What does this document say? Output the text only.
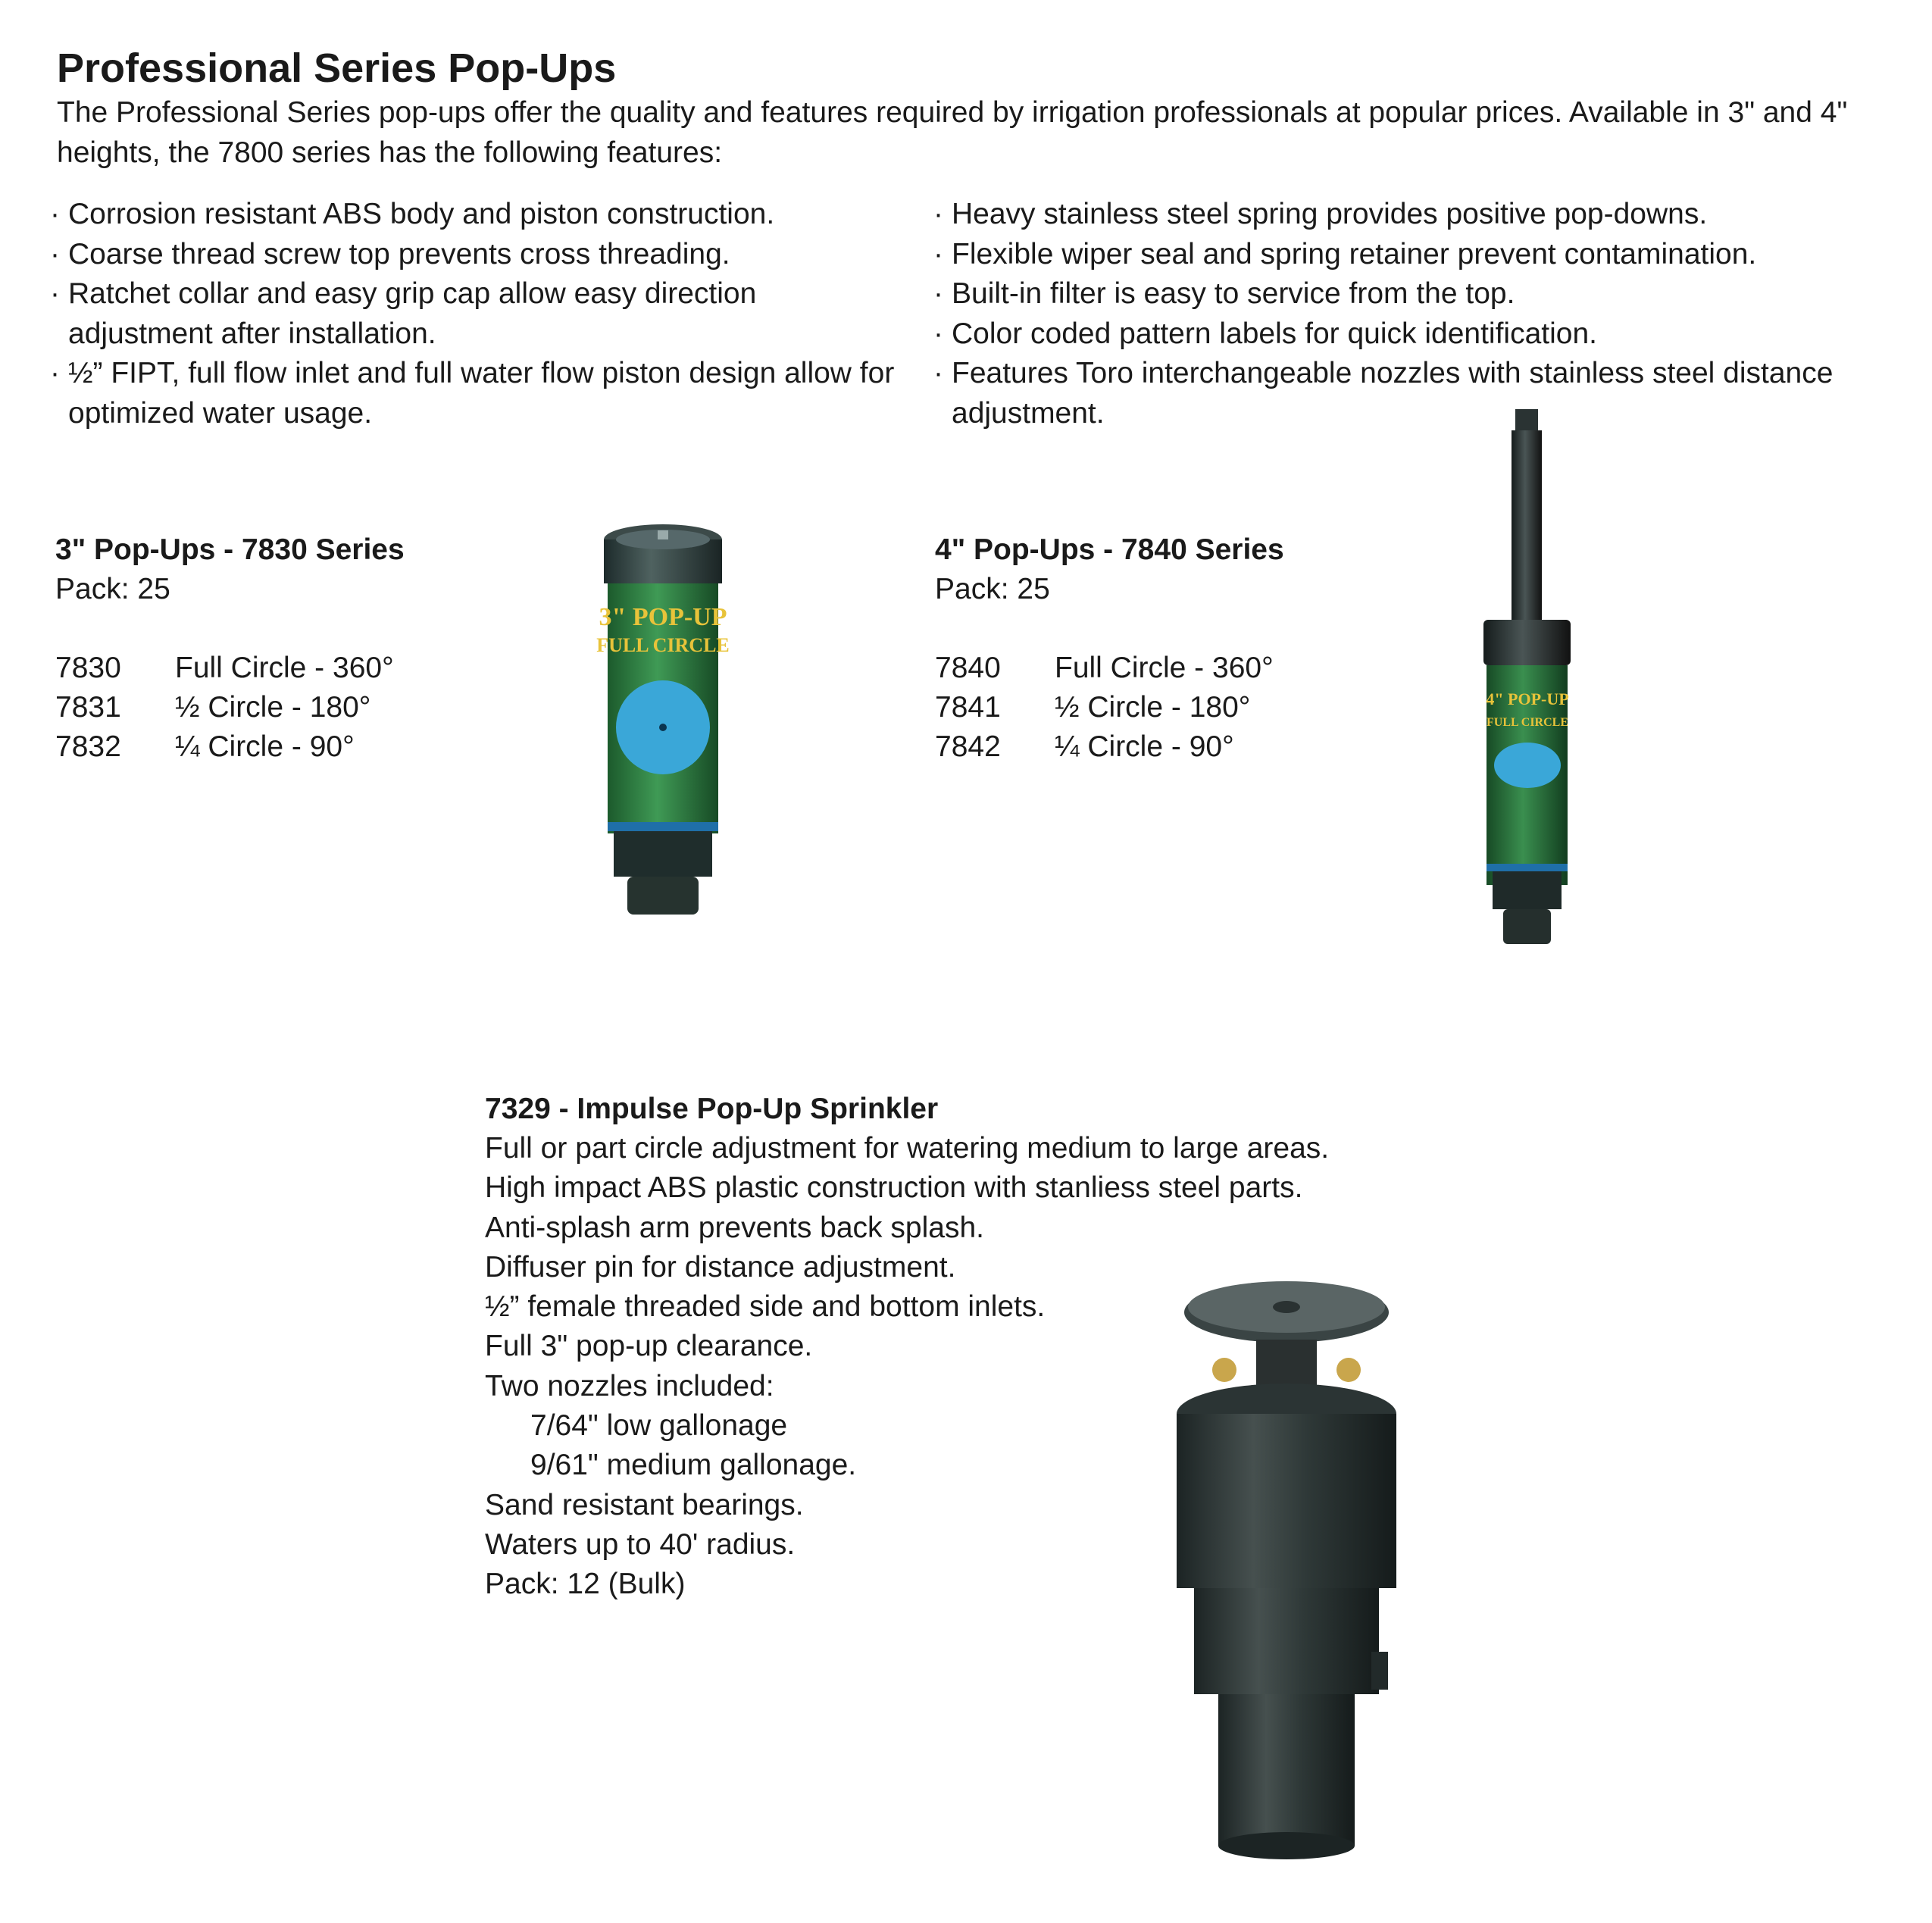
Professional Series Pop-Ups

The Professional Series pop-ups offer the quality and features required by irrigation professionals at popular prices. Available in 3" and 4" heights, the 7800 series has the following features:

· Corrosion resistant ABS body and piston construction.
· Coarse thread screw top prevents cross threading.
· Ratchet collar and easy grip cap allow easy direction adjustment after installation.
· ½” FIPT, full flow inlet and full water flow piston design allow for optimized water usage.
· Heavy stainless steel spring provides positive pop-downs.
· Flexible wiper seal and spring retainer prevent contamination.
· Built-in filter is easy to service from the top.
· Color coded pattern labels for quick identification.
· Features Toro interchangeable nozzles with stainless steel distance adjustment.

3" Pop-Ups - 7830 Series

Pack: 25

7830	Full Circle - 360°
7831	½ Circle - 180°
7832	¼ Circle - 90°

4" Pop-Ups - 7840 Series

Pack: 25

7840	Full Circle - 360°
7841	½ Circle - 180°
7842	¼ Circle - 90°
3" POP-UP
FULL CIRCLE
4" POP-UP
FULL CIRCLE

7329 - Impulse Pop-Up Sprinkler

Full or part circle adjustment for watering medium to large areas.
High impact ABS plastic construction with stanliess steel parts.
Anti-splash arm prevents back splash.
Diffuser pin for distance adjustment.
½” female threaded side and bottom inlets.
Full 3" pop-up clearance.
Two nozzles included:
7/64" low gallonage
9/61" medium gallonage.
Sand resistant bearings.
Waters up to 40' radius.
Pack: 12 (Bulk)
